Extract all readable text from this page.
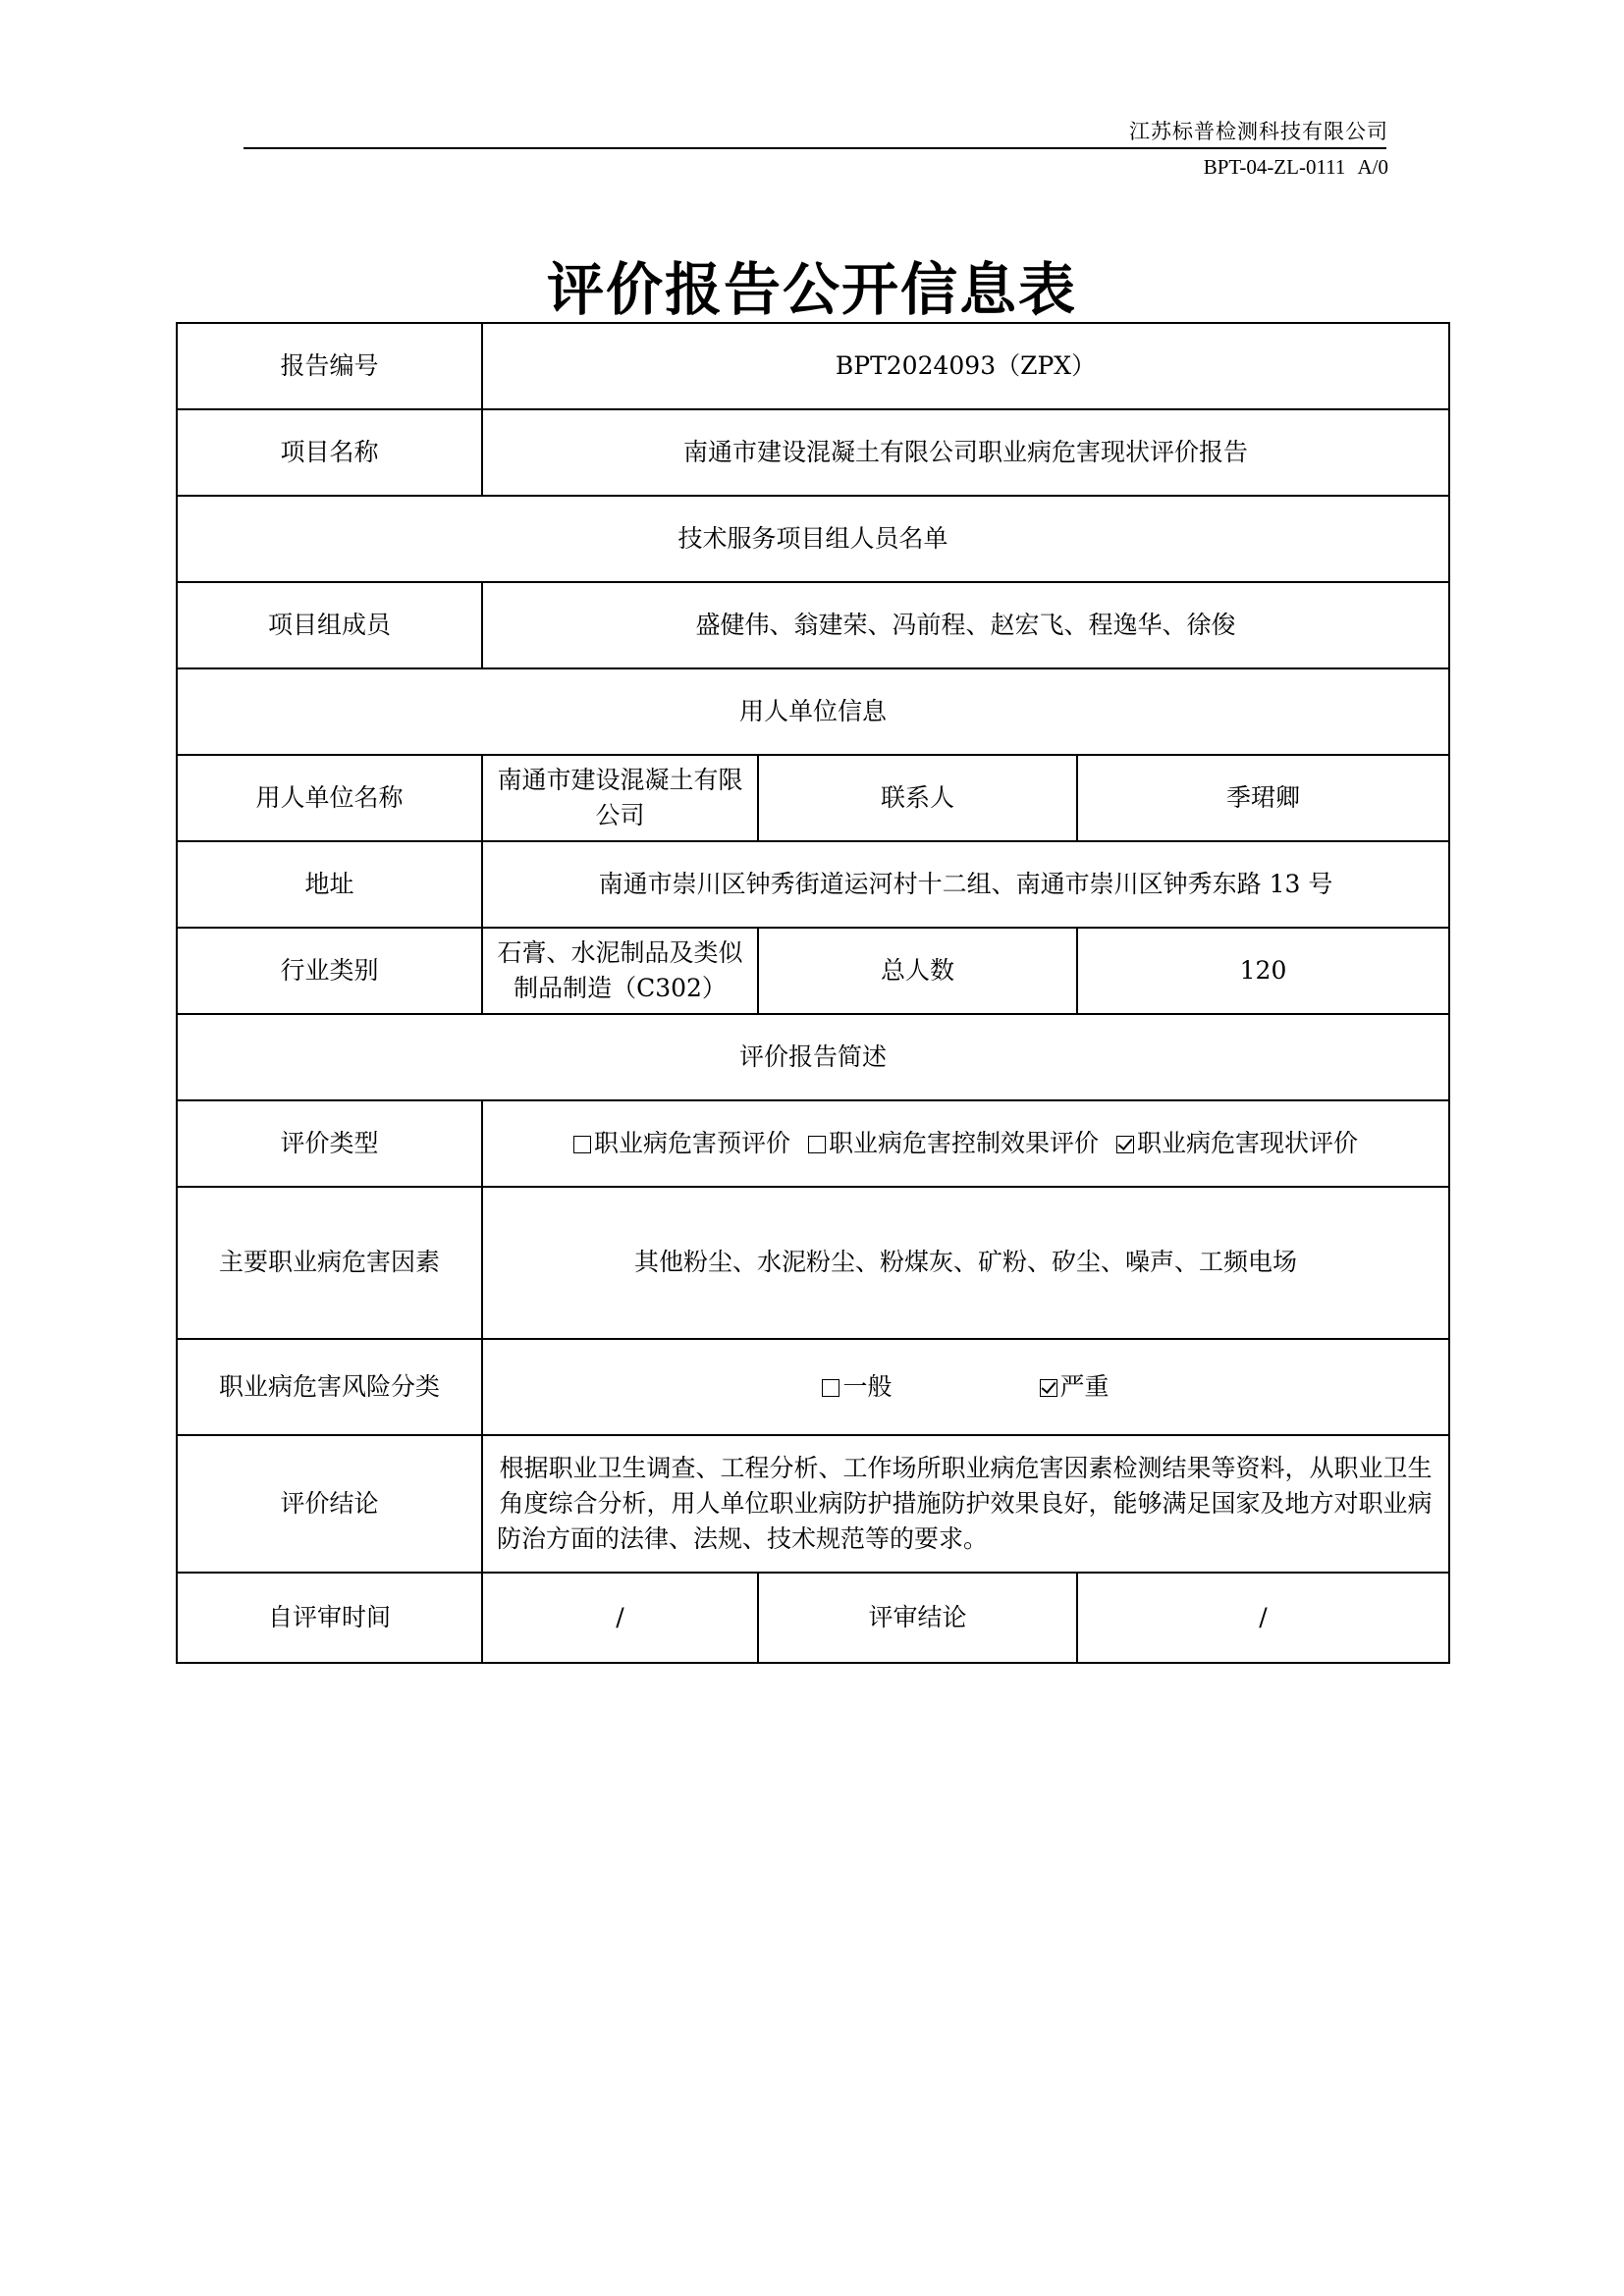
江苏标普检测科技有限公司
BPT-04-ZL-0111 A/0
评价报告公开信息表
报告编号	BPT2024093（ZPX）		
项目名称	南通市建设混凝土有限公司职业病危害现状评价报告		
技术服务项目组人员名单			
项目组成员	盛健伟、翁建荣、冯前程、赵宏飞、程逸华、徐俊		
用人单位信息			
用人单位名称	南通市建设混凝土有限公司	联系人	季珺卿
地址	南通市崇川区钟秀街道运河村十二组、南通市崇川区钟秀东路 13 号		
行业类别	石膏、水泥制品及类似制品制造（C302）	总人数	120
评价报告简述			
评价类型	职业病危害预评价 职业病危害控制效果评价 职业病危害现状评价		
主要职业病危害因素	其他粉尘、水泥粉尘、粉煤灰、矿粉、矽尘、噪声、工频电场		
职业病危害风险分类	一般 严重		
评价结论	根据职业卫生调查、工程分析、工作场所职业病危害因素检测结果等资料，从职业卫生 角度综合分析，用人单位职业病防护措施防护效果良好，能够满足国家及地方对职业病 防治方面的法律、法规、技术规范等的要求。		
自评审时间	/	评审结论	/
